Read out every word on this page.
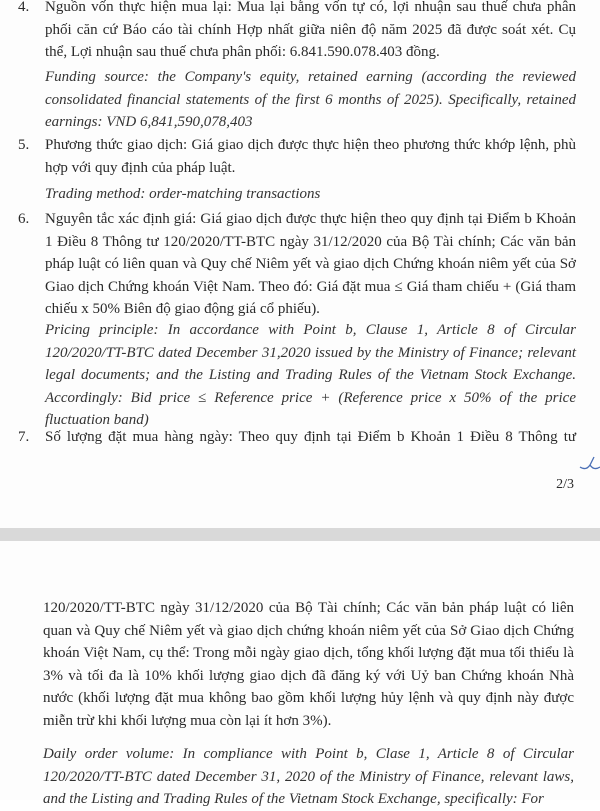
4. Nguồn vốn thực hiện mua lại: Mua lại bằng vốn tự có, lợi nhuận sau thuế chưa phân phối căn cứ Báo cáo tài chính Hợp nhất giữa niên độ năm 2025 đã được soát xét. Cụ thể, Lợi nhuận sau thuế chưa phân phối: 6.841.590.078.403 đồng.
Funding source: the Company's equity, retained earning (according the reviewed consolidated financial statements of the first 6 months of 2025). Specifically, retained earnings: VND 6,841,590,078,403
5. Phương thức giao dịch: Giá giao dịch được thực hiện theo phương thức khớp lệnh, phù hợp với quy định của pháp luật.
Trading method: order-matching transactions
6. Nguyên tắc xác định giá: Giá giao dịch được thực hiện theo quy định tại Điểm b Khoản 1 Điều 8 Thông tư 120/2020/TT-BTC ngày 31/12/2020 của Bộ Tài chính; Các văn bản pháp luật có liên quan và Quy chế Niêm yết và giao dịch Chứng khoán niêm yết của Sở Giao dịch Chứng khoán Việt Nam. Theo đó: Giá đặt mua ≤ Giá tham chiếu + (Giá tham chiếu x 50% Biên độ giao động giá cổ phiếu).
Pricing principle: In accordance with Point b, Clause 1, Article 8 of Circular 120/2020/TT-BTC dated December 31,2020 issued by the Ministry of Finance; relevant legal documents; and the Listing and Trading Rules of the Vietnam Stock Exchange. Accordingly: Bid price ≤ Reference price + (Reference price x 50% of the price fluctuation band)
7. Số lượng đặt mua hàng ngày: Theo quy định tại Điểm b Khoản 1 Điều 8 Thông tư
2/3
120/2020/TT-BTC ngày 31/12/2020 của Bộ Tài chính; Các văn bản pháp luật có liên quan và Quy chế Niêm yết và giao dịch chứng khoán niêm yết của Sở Giao dịch Chứng khoán Việt Nam, cụ thể: Trong mỗi ngày giao dịch, tổng khối lượng đặt mua tối thiểu là 3% và tối đa là 10% khối lượng giao dịch đã đăng ký với Uỷ ban Chứng khoán Nhà nước (khối lượng đặt mua không bao gồm khối lượng hủy lệnh và quy định này được miễn trừ khi khối lượng mua còn lại ít hơn 3%).
Daily order volume: In compliance with Point b, Clase 1, Article 8 of Circular 120/2020/TT-BTC dated December 31, 2020 of the Ministry of Finance, relevant laws, and the Listing and Trading Rules of the Vietnam Stock Exchange, specifically: For
